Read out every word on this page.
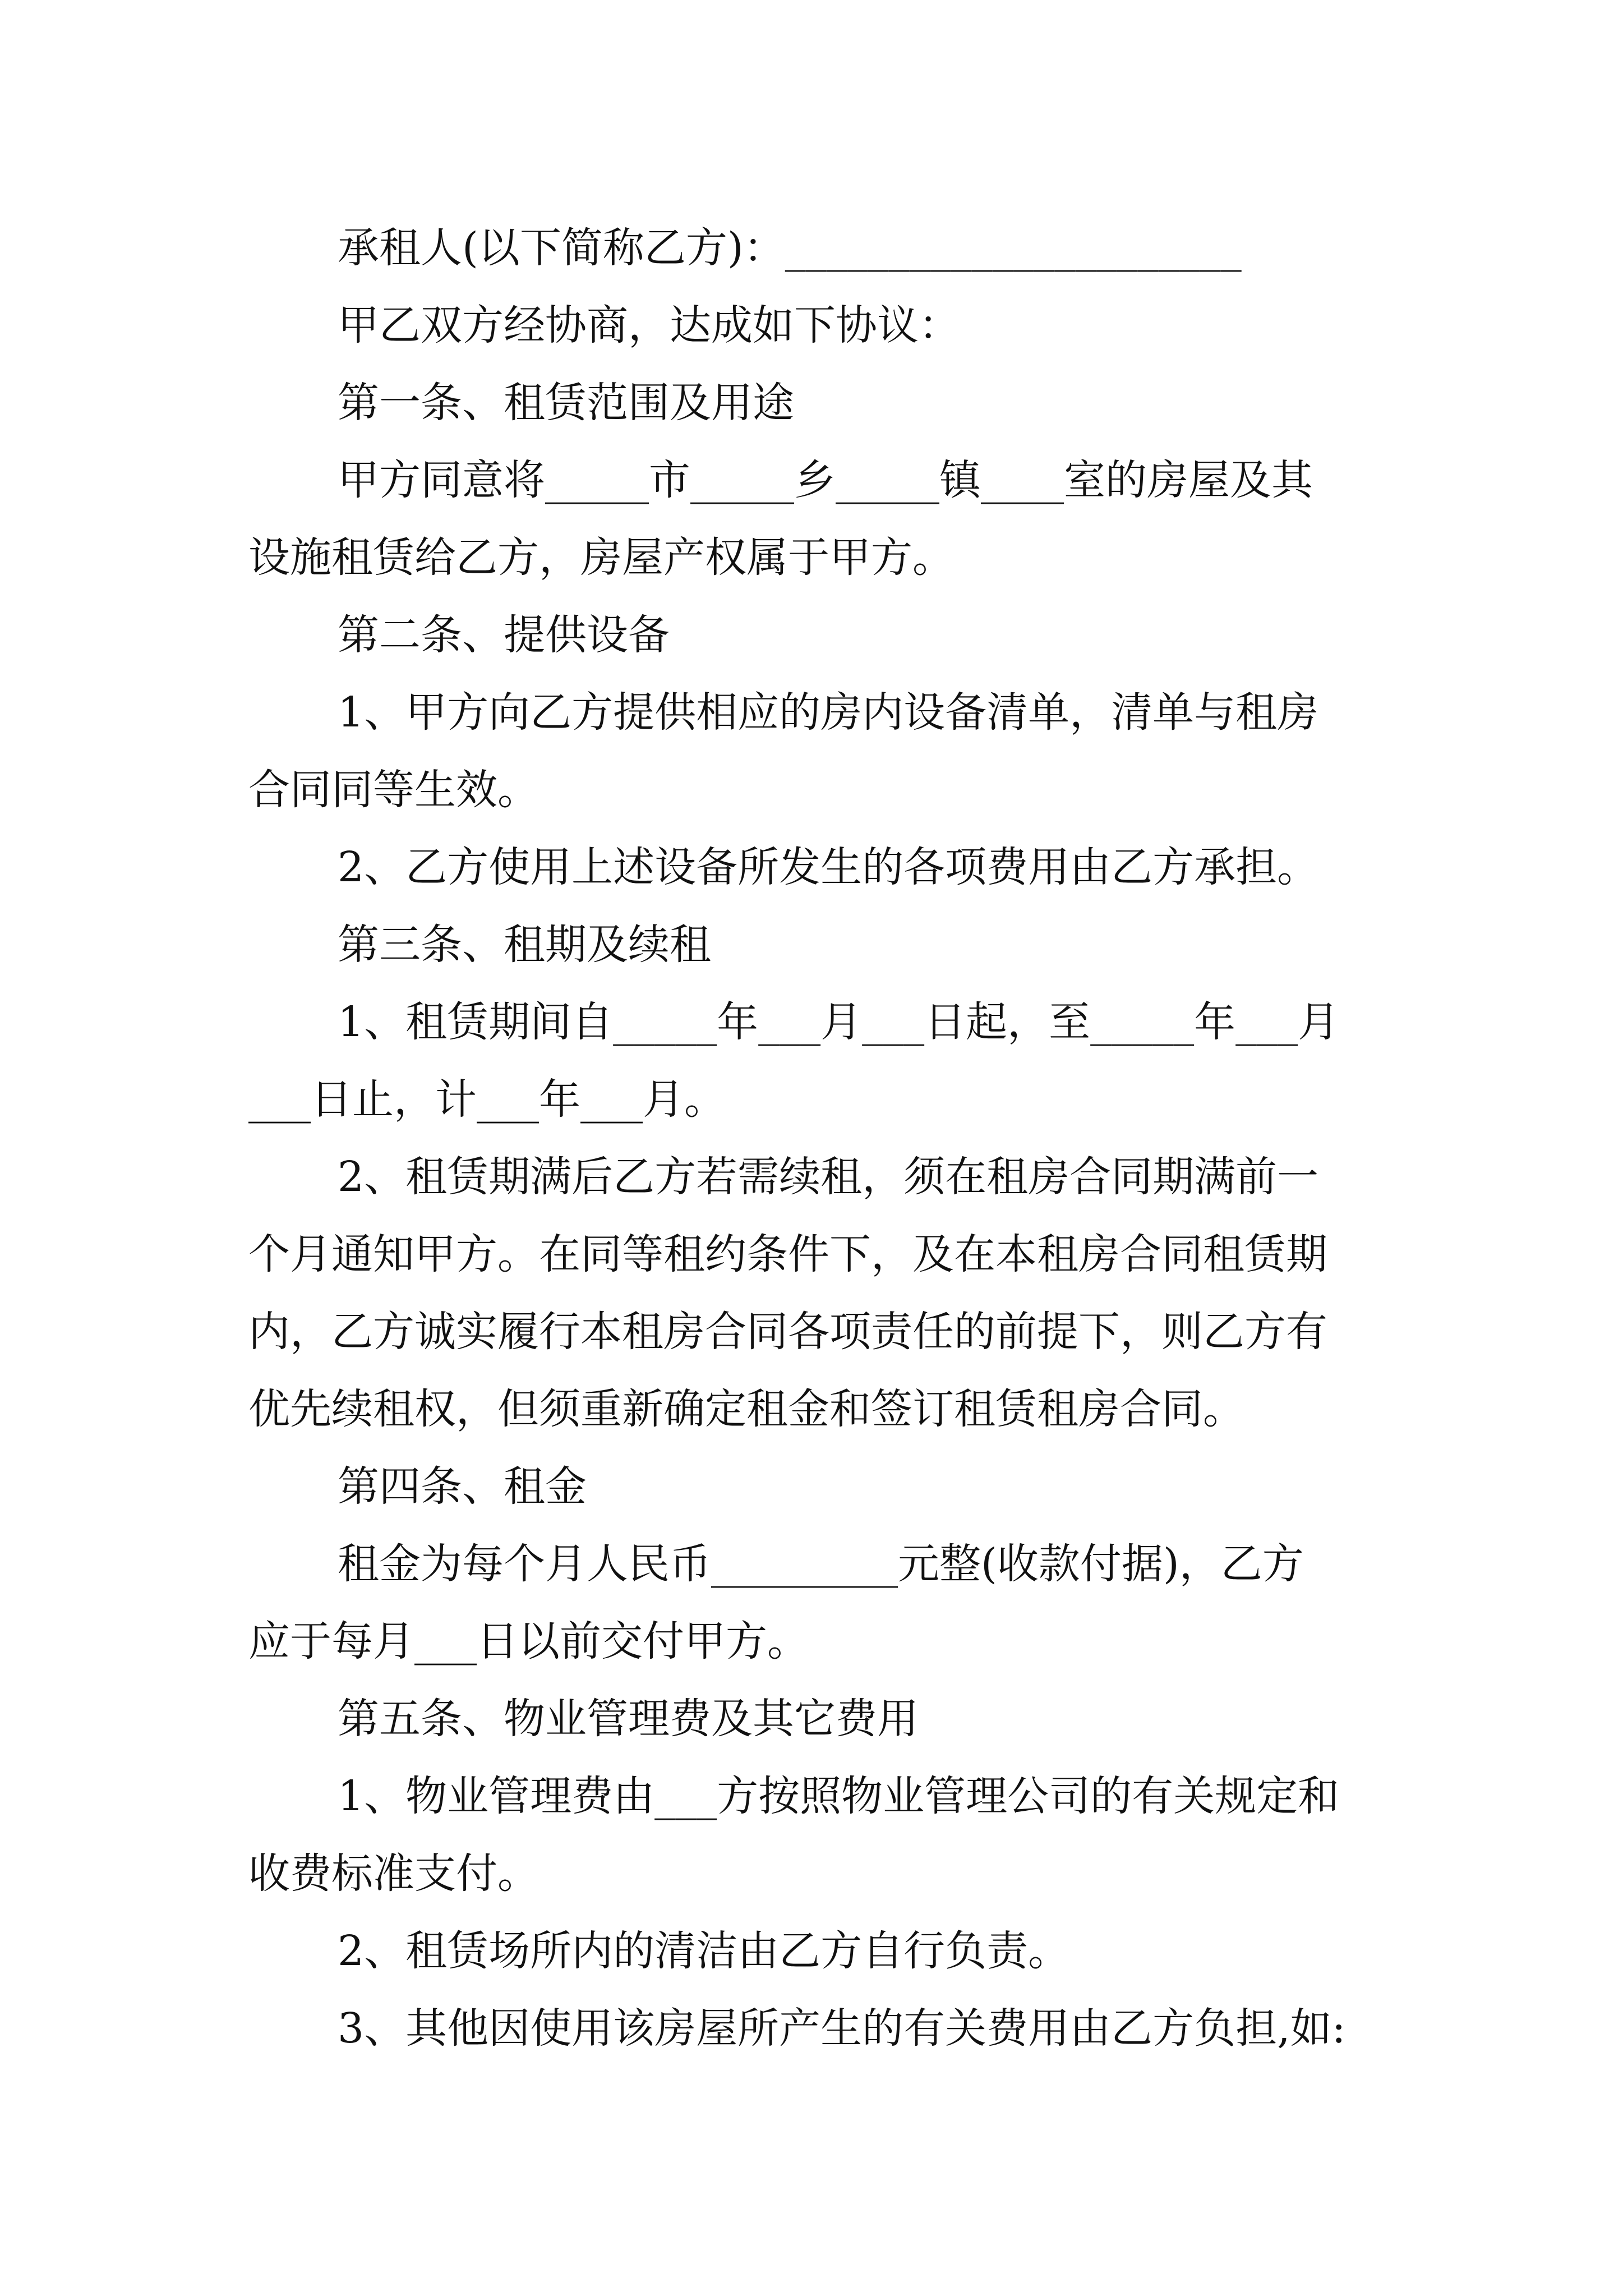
承租人(以下简称乙方)：______________________
甲乙双方经协商，达成如下协议：
第一条、租赁范围及用途
甲方同意将_____市_____乡_____镇____室的房屋及其
设施租赁给乙方，房屋产权属于甲方。
第二条、提供设备
1、甲方向乙方提供相应的房内设备清单，清单与租房
合同同等生效。
2、乙方使用上述设备所发生的各项费用由乙方承担。
第三条、租期及续租
1、租赁期间自_____年___月___日起，至_____年___月
___日止，计___年___月。
2、租赁期满后乙方若需续租，须在租房合同期满前一
个月通知甲方。在同等租约条件下，及在本租房合同租赁期
内，乙方诚实履行本租房合同各项责任的前提下，则乙方有
优先续租权，但须重新确定租金和签订租赁租房合同。
第四条、租金
租金为每个月人民币_________元整(收款付据)，乙方
应于每月___日以前交付甲方。
第五条、物业管理费及其它费用
1、物业管理费由___方按照物业管理公司的有关规定和
收费标准支付。
2、租赁场所内的清洁由乙方自行负责。
3、其他因使用该房屋所产生的有关费用由乙方负担,如:
